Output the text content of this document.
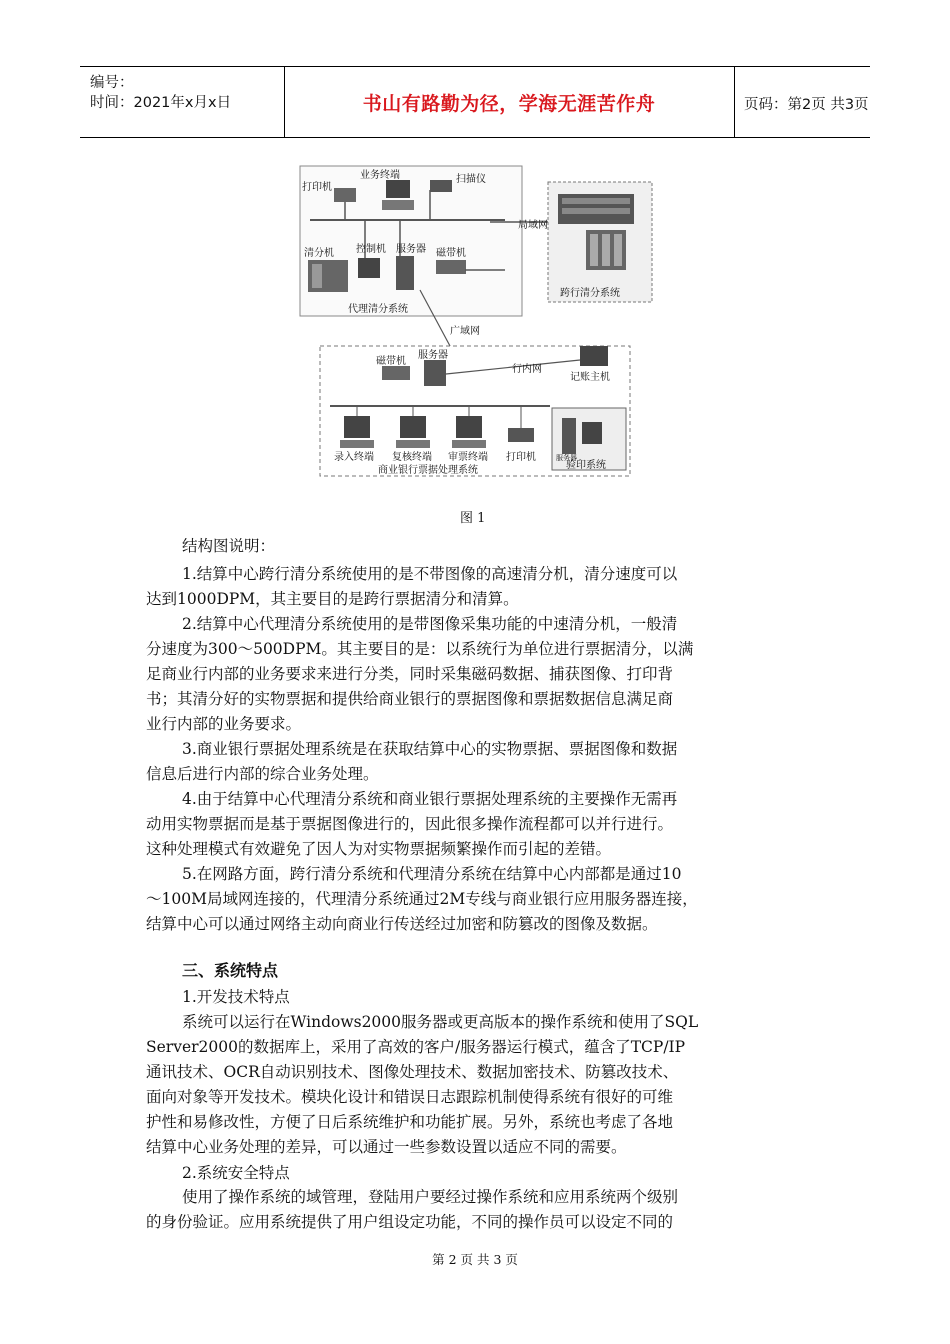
编号：
时间：2021年x月x日	书山有路勤为径，学海无涯苦作舟	页码：第2页 共3页
打印机
业务终端	扫描仪
清分机 控制机 服务器 磁带机
局域网
代理清分系统
跨行清分系统
广域网
磁带机
服务器
行内网
记账主机
录入终端 复核终端 审票终端 打印机
商业银行票据处理系统	验印系统
服务器
图 1

结构图说明：

1.结算中心跨行清分系统使用的是不带图像的高速清分机，清分速度可以

达到1000DPM，其主要目的是跨行票据清分和清算。

2.结算中心代理清分系统使用的是带图像采集功能的中速清分机，一般清

分速度为300～500DPM。其主要目的是：以系统行为单位进行票据清分，以满

足商业行内部的业务要求来进行分类，同时采集磁码数据、捕获图像、打印背

书；其清分好的实物票据和提供给商业银行的票据图像和票据数据信息满足商

业行内部的业务要求。

3.商业银行票据处理系统是在获取结算中心的实物票据、票据图像和数据

信息后进行内部的综合业务处理。

4.由于结算中心代理清分系统和商业银行票据处理系统的主要操作无需再

动用实物票据而是基于票据图像进行的，因此很多操作流程都可以并行进行。

这种处理模式有效避免了因人为对实物票据频繁操作而引起的差错。

5.在网路方面，跨行清分系统和代理清分系统在结算中心内部都是通过10

～100M局域网连接的，代理清分系统通过2M专线与商业银行应用服务器连接，

结算中心可以通过网络主动向商业行传送经过加密和防篡改的图像及数据。

三、系统特点
1.开发技术特点

系统可以运行在Windows2000服务器或更高版本的操作系统和使用了SQL

Server2000的数据库上，采用了高效的客户/服务器运行模式，蕴含了TCP/IP

通讯技术、OCR自动识别技术、图像处理技术、数据加密技术、防篡改技术、

面向对象等开发技术。模块化设计和错误日志跟踪机制使得系统有很好的可维

护性和易修改性，方便了日后系统维护和功能扩展。另外，系统也考虑了各地

结算中心业务处理的差异，可以通过一些参数设置以适应不同的需要。

2.系统安全特点

使用了操作系统的域管理，登陆用户要经过操作系统和应用系统两个级别

的身份验证。应用系统提供了用户组设定功能，不同的操作员可以设定不同的

第 2 页 共 3 页
